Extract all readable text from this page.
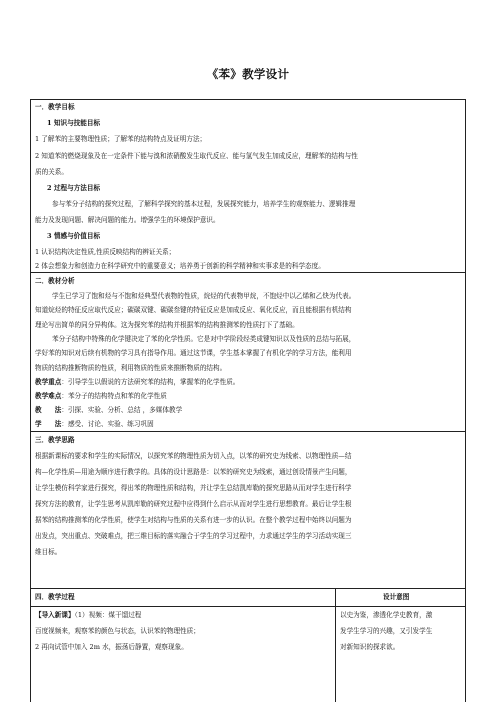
《苯》教学设计
一．教学目标
1 知识与技能目标
1 了解苯的主要物理性质；了解苯的结构特点及证明方法；
2 知道苯的燃烧现象及在一定条件下能与溴和浓硝酸发生取代反应、能与氢气发生加成反应，理解苯的结构与性
质的关系。
2 过程与方法目标
参与苯分子结构的探究过程，了解科学探究的基本过程，发展探究能力，培养学生的观察能力、逻辑推理
能力及发现问题、解决问题的能力。增强学生的环境保护意识。
3 情感与价值目标
1 认识结构决定性质,性质反映结构的辨证关系；
2 体会想象力和创造力在科学研究中的重要意义；培养勇于创新的科学精神和实事求是的科学态度。
二．教材分析
学生已学习了饱和烃与不饱和烃典型代表物的性质，烷烃的代表物甲烷，不饱烃中以乙烯和乙炔为代表。
知道烷烃的特征反应取代反应；碳碳双键、碳碳叁键的特征反应是加成反应、氧化反应，而且能根据有机结构
理论写出简单的同分异构体。这为探究苯的结构并根据苯的结构推测苯的性质打下了基础。
苯分子结构中特殊的化学键决定了苯的化学性质。它是对中学阶段经类成键知识以及性质的总结与拓展，
学好苯的知识对后续有机物的学习具有指导作用。通过这节课，学生基本掌握了有机化学的学习方法，能利用
物质的结构推断物质的性质，利用物质的性质来推断物质的结构。
教学重点：引导学生以假说的方法研究苯的结构，掌握苯的化学性质。
教学难点：苯分子的结构特点和苯的化学性质
教　　法：引探、实验、分析、总结 ，多媒体教学
学　　法：感受、讨论、实验、练习巩固
三．教学思路
根据新课标的要求和学生的实际情况，以探究苯的物理性质为切入点，以苯的研究史为线索、以物理性质—结
构—化学性质—用途为顺序进行教学的。具体的设计思路是：以苯的研究史为线索，通过创设情景产生问题，
让学生模仿科学家进行探究，得出苯的物理性质和结构，并让学生总结凯库勒的探究思路从而对学生进行科学
探究方法的教育，让学生思考从凯库勒的研究过程中应得到什么启示从而对学生进行思想教育。最后让学生根
据苯的结构推测苯的化学性质，使学生对结构与性质的关系有进一步的认识。在整个教学过程中始终以问题为
出发点，突出重点、突破难点，把三维目标的落实融合于学生的学习过程中，力求通过学生的学习活动实现三
维目标。
四．教学过程	设计意图
【导入新课】（1）视频：煤干馏过程
百度视频来，观察苯的颜色与状态，认识苯的物理性质；
2 再向试管中加入 2m 水，振荡后静置，观察现象。
以史为鉴，渗透化学史教育，激
发学生学习的兴趣，又引发学生
对新知识的探求欲。
